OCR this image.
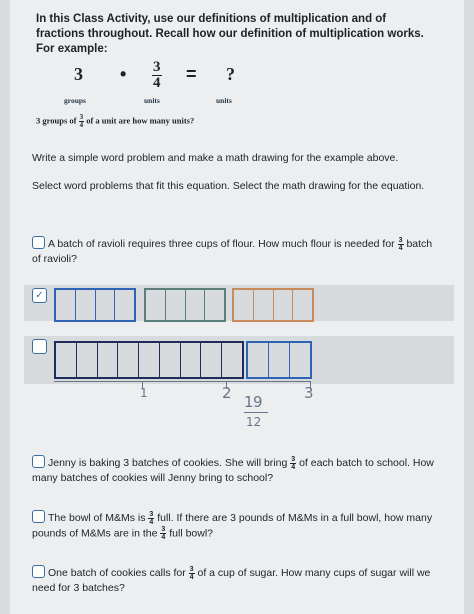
In this Class Activity, use our definitions of multiplication and of fractions throughout. Recall how our definition of multiplication works. For example:
3 • $\frac{3}{4}$ = ?
groups	units	units
3 groups of $\frac{3}{4}$ of a unit are how many units?
Write a simple word problem and make a math drawing for the example above.
Select word problems that fit this equation. Select the math drawing for the equation.
A batch of ravioli requires three cups of flour. How much flour is needed for $\frac{3}{4}$ batch of ravioli?
✓
1	2 1 9
12
3
Jenny is baking 3 batches of cookies. She will bring $\frac{3}{4}$ of each batch to school. How many batches of cookies will Jenny bring to school?
The bowl of M&Ms is $\frac{3}{4}$ full. If there are 3 pounds of M&Ms in a full bowl, how many pounds of M&Ms are in the $\frac{3}{4}$ full bowl?
One batch of cookies calls for $\frac{3}{4}$ of a cup of sugar. How many cups of sugar will we need for 3 batches?
